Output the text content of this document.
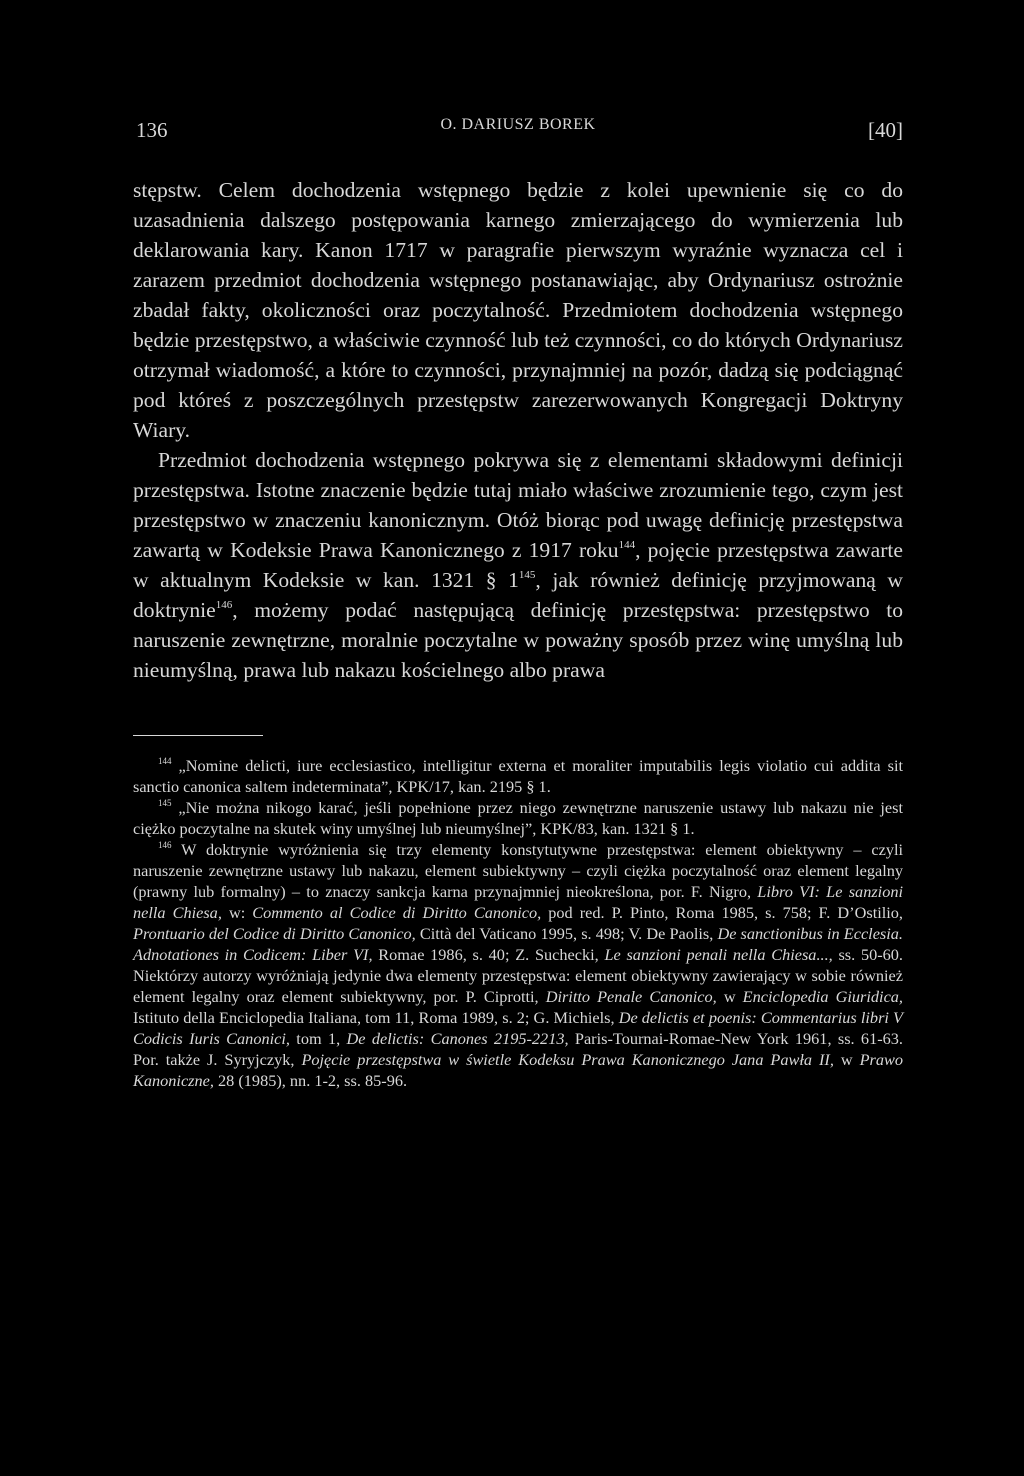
136	O. DARIUSZ BOREK	[40]

stępstw. Celem dochodzenia wstępnego będzie z kolei upewnienie się co do uzasadnienia dalszego postępowania karnego zmierzającego do wymierzenia lub deklarowania kary. Kanon 1717 w paragrafie pierwszym wyraźnie wyznacza cel i zarazem przedmiot dochodzenia wstępnego postanawiając, aby Ordynariusz ostrożnie zbadał fakty, okoliczności oraz poczytalność. Przedmiotem dochodzenia wstępnego będzie przestępstwo, a właściwie czynność lub też czynności, co do których Ordynariusz otrzymał wiadomość, a które to czynności, przynajmniej na pozór, dadzą się podciągnąć pod któreś z poszczególnych przestępstw zarezerwowanych Kongregacji Doktryny Wiary.

Przedmiot dochodzenia wstępnego pokrywa się z elementami składowymi definicji przestępstwa. Istotne znaczenie będzie tutaj miało właściwe zrozumienie tego, czym jest przestępstwo w znaczeniu kanonicznym. Otóż biorąc pod uwagę definicję przestępstwa zawartą w Kodeksie Prawa Kanonicznego z 1917 roku$^{144}$, pojęcie przestępstwa zawarte w aktualnym Kodeksie w kan. 1321 § $1^{145}$, jak również definicję przyjmowaną w doktrynie$^{146}$, możemy podać następującą definicję przestępstwa: przestępstwo to naruszenie zewnętrzne, moralnie poczytalne w poważny sposób przez winę umyślną lub nieumyślną, prawa lub nakazu kościelnego albo prawa

$^{144}$ „Nomine delicti, iure ecclesiastico, intelligitur externa et moraliter imputabilis legis violatio cui addita sit sanctio canonica saltem indeterminata”, KPK/17, kan. 2195 § 1.

$^{145}$ „Nie można nikogo karać, jeśli popełnione przez niego zewnętrzne naruszenie ustawy lub nakazu nie jest ciężko poczytalne na skutek winy umyślnej lub nieumyślnej”, KPK/83, kan. 1321 § 1.

$^{146}$ W doktrynie wyróżnienia się trzy elementy konstytutywne przestępstwa: element obiektywny – czyli naruszenie zewnętrzne ustawy lub nakazu, element subiektywny – czyli ciężka poczytalność oraz element legalny (prawny lub formalny) – to znaczy sankcja karna przynajmniej nieokreślona, por. F. Nigro, Libro VI: Le sanzioni nella Chiesa, w: Commento al Codice di Diritto Canonico, pod red. P. Pinto, Roma 1985, s. 758; F. D’Ostilio, Prontuario del Codice di Diritto Canonico, Città del Vaticano 1995, s. 498; V. De Paolis, De sanctionibus in Ecclesia. Adnotationes in Codicem: Liber VI, Romae 1986, s. 40; Z. Suchecki, Le sanzioni penali nella Chiesa..., ss. 50-60. Niektórzy autorzy wyróżniają jedynie dwa elementy przestępstwa: element obiektywny zawierający w sobie również element legalny oraz element subiektywny, por. P. Ciprotti, Diritto Penale Canonico, w Enciclopedia Giuridica, Istituto della Enciclopedia Italiana, tom 11, Roma 1989, s. 2; G. Michiels, De delictis et poenis: Commentarius libri V Codicis Iuris Canonici, tom 1, De delictis: Canones 2195-2213, Paris-Tournai-Romae-New York 1961, ss. 61-63. Por. także J. Syryjczyk, Pojęcie przestępstwa w świetle Kodeksu Prawa Kanonicznego Jana Pawła II, w Prawo Kanoniczne, 28 (1985), nn. 1-2, ss. 85-96.
